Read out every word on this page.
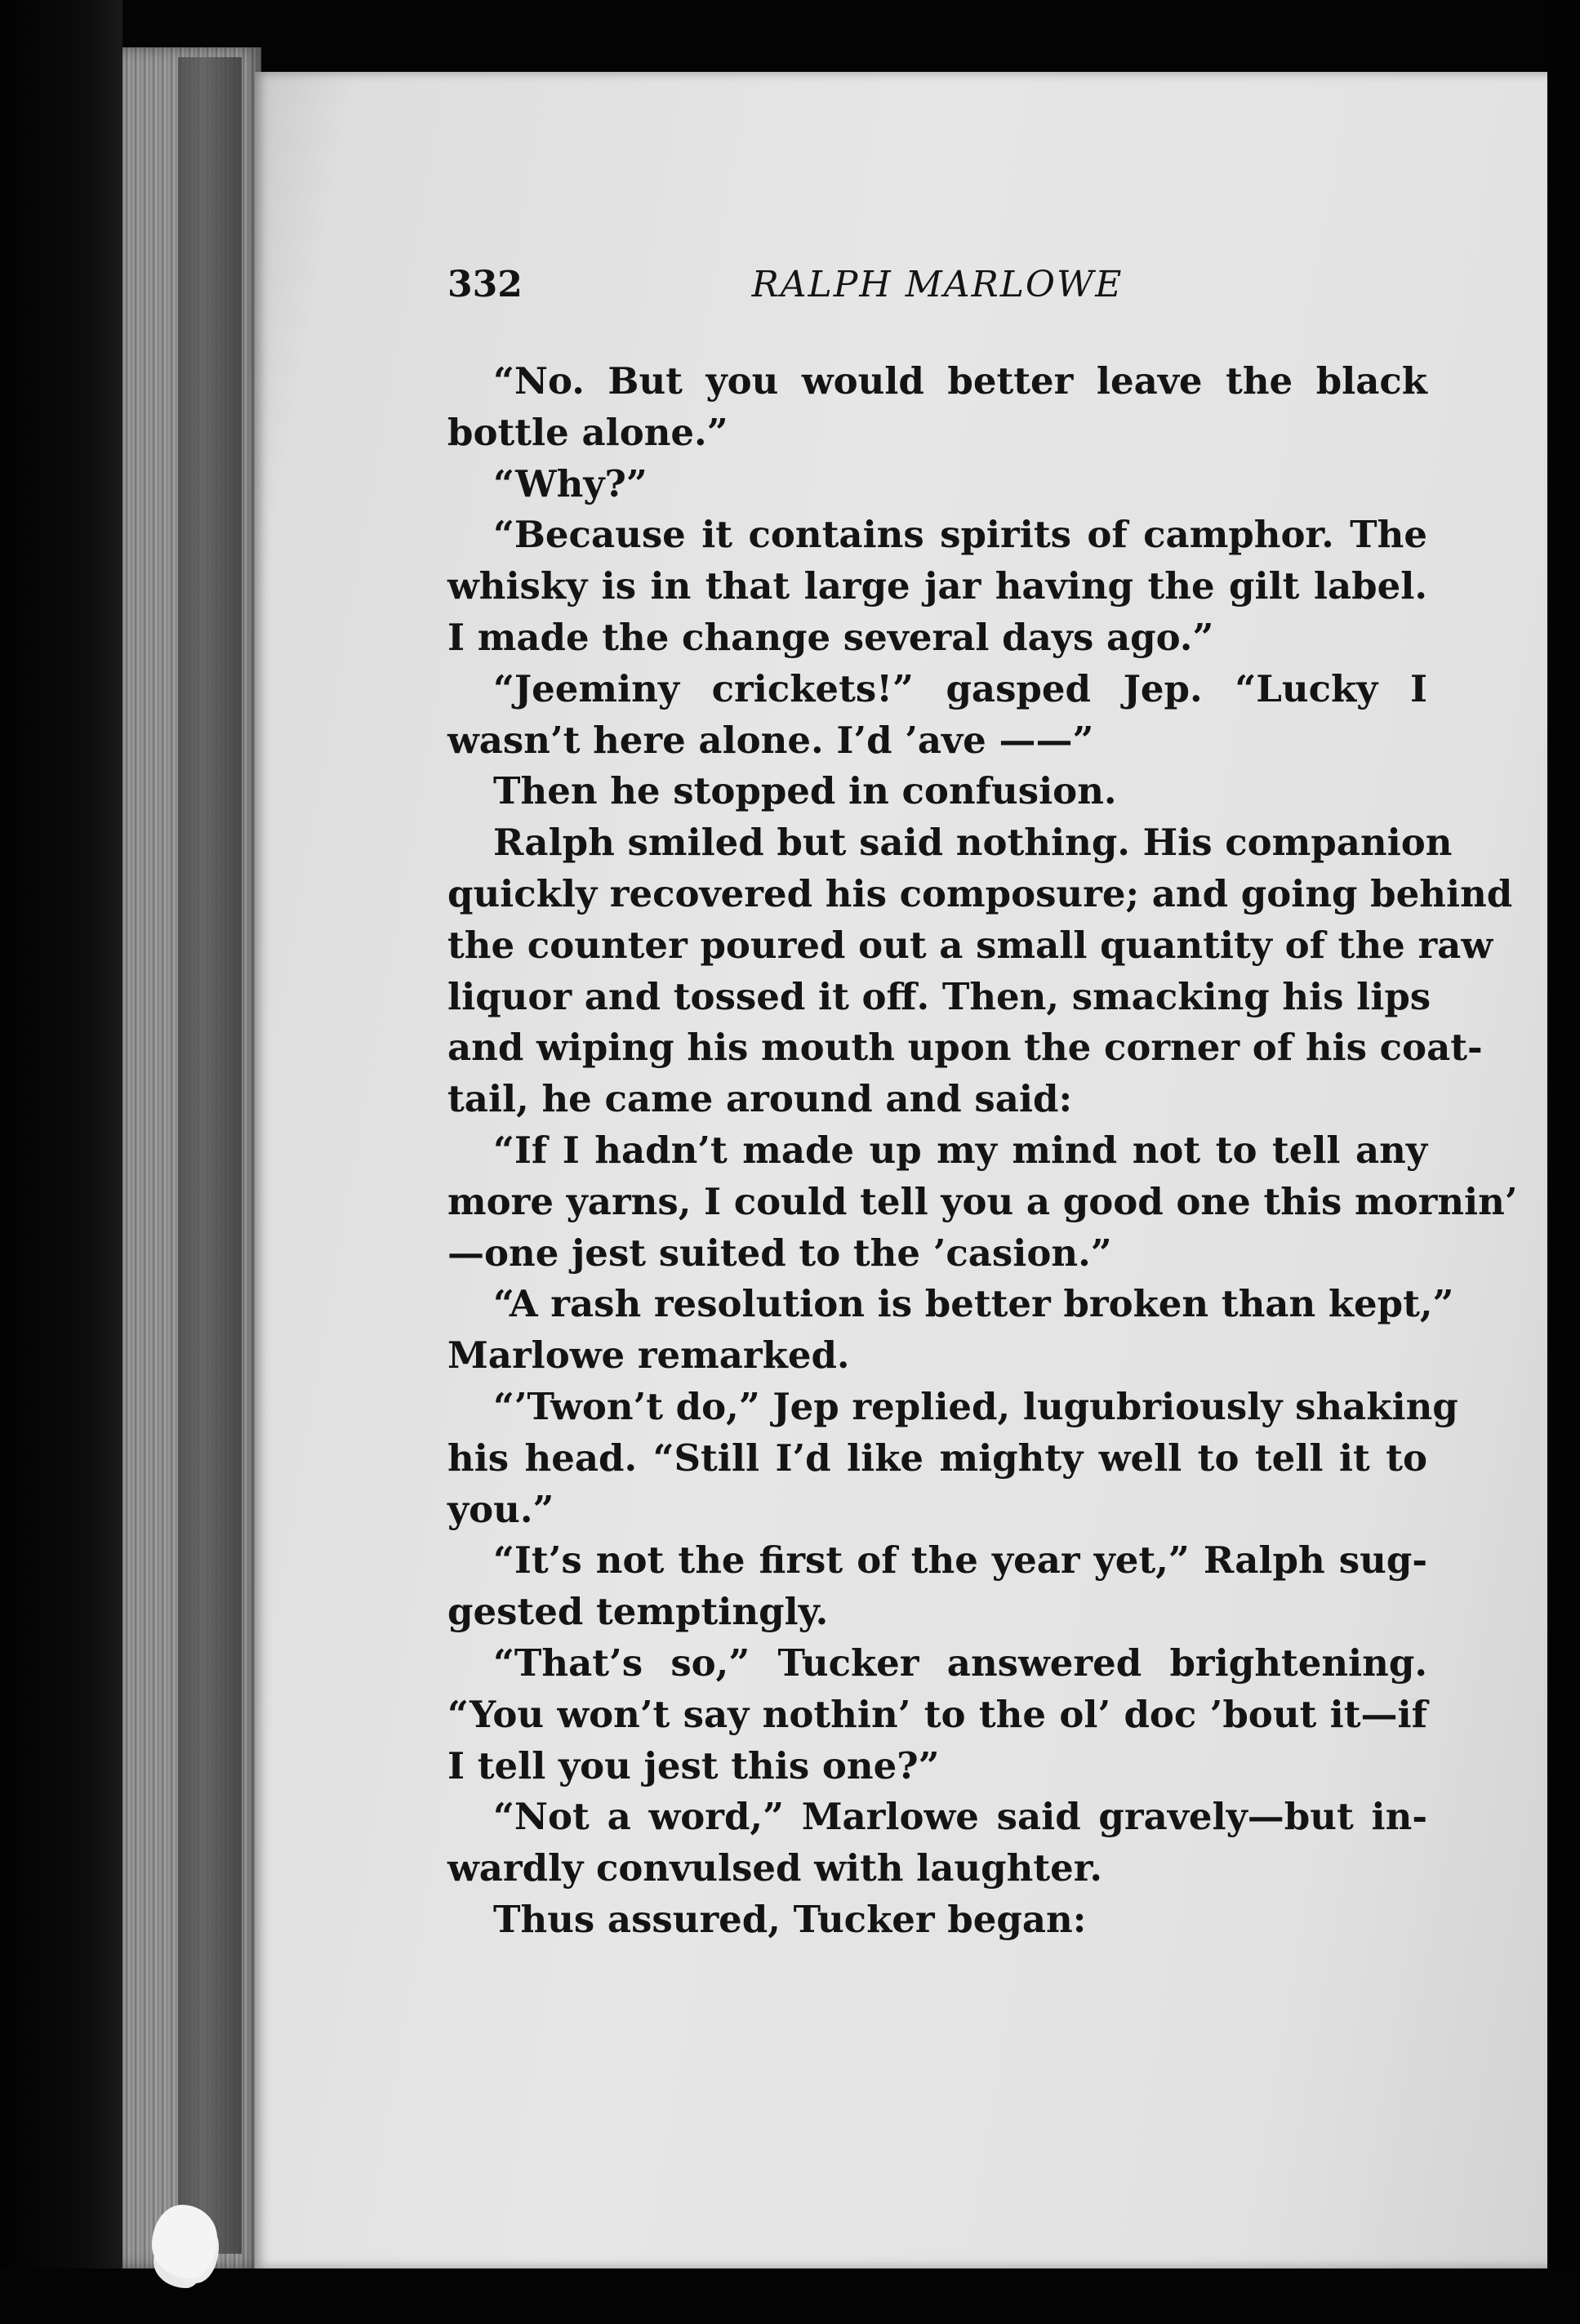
332	RALPH MARLOWE
“No. But you would better leave the black
bottle alone.”
“Why?”
“Because it contains spirits of camphor. The
whisky is in that large jar having the gilt label.
I made the change several days ago.”
“Jeeminy crickets!” gasped Jep. “Lucky I
wasn’t here alone. I’d ’ave ——”
Then he stopped in confusion.
Ralph smiled but said nothing. His companion
quickly recovered his composure; and going behind
the counter poured out a small quantity of the raw
liquor and tossed it off. Then, smacking his lips
and wiping his mouth upon the corner of his coat-
tail, he came around and said:
“If I hadn’t made up my mind not to tell any
more yarns, I could tell you a good one this mornin’
—one jest suited to the ’casion.”
“A rash resolution is better broken than kept,”
Marlowe remarked.
“’Twon’t do,” Jep replied, lugubriously shaking
his head. “Still I’d like mighty well to tell it to
you.”
“It’s not the first of the year yet,” Ralph sug-
gested temptingly.
“That’s so,” Tucker answered brightening.
“You won’t say nothin’ to the ol’ doc ’bout it—if
I tell you jest this one?”
“Not a word,” Marlowe said gravely—but in-
wardly convulsed with laughter.
Thus assured, Tucker began:
